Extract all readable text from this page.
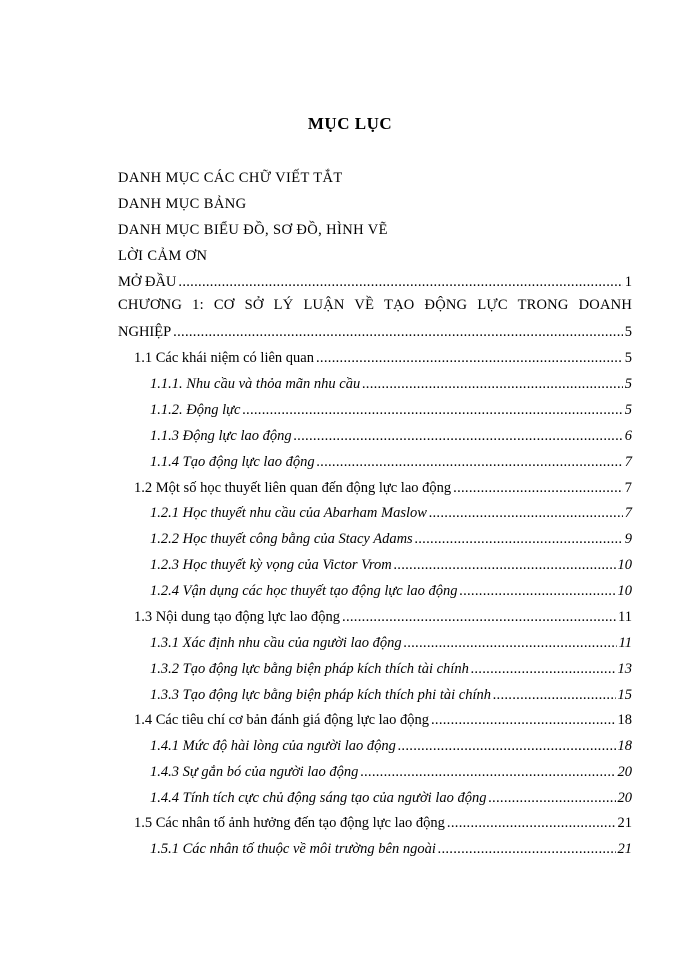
MỤC LỤC
DANH MỤC CÁC CHỮ VIẾT TẮT
DANH MỤC BẢNG
DANH MỤC BIỂU ĐỒ, SƠ ĐỒ, HÌNH VẼ
LỜI CẢM ƠN
MỞ ĐẦU .....	1
CHƯƠNG 1: CƠ SỞ LÝ LUẬN VỀ TẠO ĐỘNG LỰC TRONG DOANH
NGHIỆP .....	5
1.1 Các khái niệm có liên quan .....	5
1.1.1. Nhu cầu và thỏa mãn nhu cầu .....	5
1.1.2. Động lực .....	5
1.1.3 Động lực lao động .....	6
1.1.4 Tạo động lực lao động .....	7
1.2 Một số học thuyết liên quan đến động lực lao động .....	7
1.2.1 Học thuyết nhu cầu của Abarham Maslow .....	7
1.2.2 Học thuyết công bằng của Stacy Adams .....	9
1.2.3 Học thuyết kỳ vọng của Victor Vrom .....	10
1.2.4 Vận dụng các học thuyết tạo động lực lao động .....	10
1.3 Nội dung tạo động lực lao động .....	11
1.3.1 Xác định nhu cầu của người lao động .....	11
1.3.2 Tạo động lực bằng biện pháp kích thích tài chính .....	13
1.3.3 Tạo động lực bằng biện pháp kích thích phi tài chính .....	15
1.4 Các tiêu chí cơ bản đánh giá động lực lao động .....	18
1.4.1 Mức độ hài lòng của người lao động .....	18
1.4.3 Sự gắn bó của người lao động .....	20
1.4.4 Tính tích cực chủ động sáng tạo của người lao động .....	20
1.5 Các nhân tố ảnh hưởng đến tạo động lực lao động .....	21
1.5.1 Các nhân tố thuộc về môi trường bên ngoài .....	21
